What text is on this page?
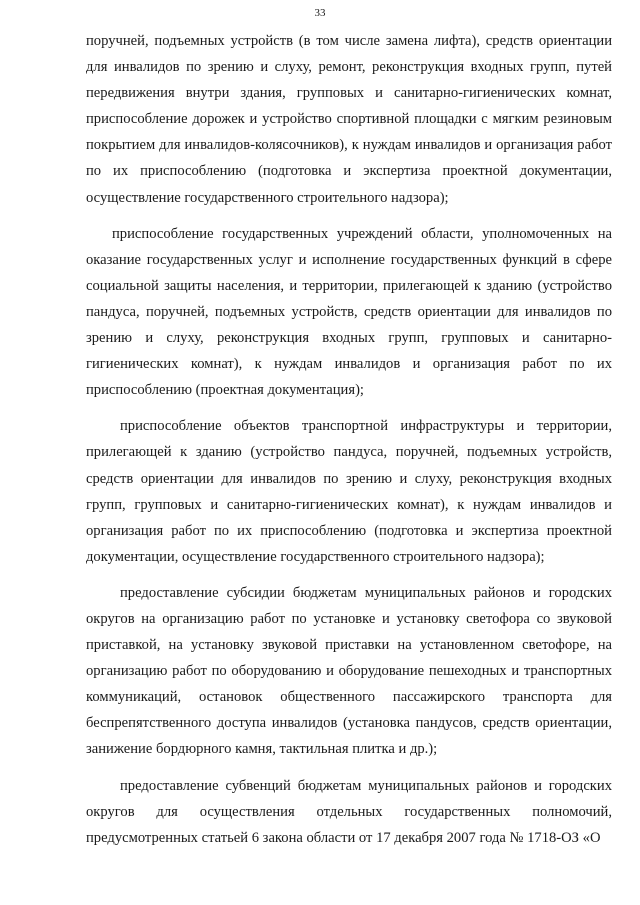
33

поручней, подъемных устройств (в том числе замена лифта), средств ориентации для инвалидов по зрению и слуху, ремонт, реконструкция входных групп, путей передвижения внутри здания, групповых и санитарно-гигиенических комнат, приспособление дорожек и устройство спортивной площадки с мягким резиновым покрытием для инвалидов-колясочников), к нуждам инвалидов и организация работ по их приспособлению (подготовка и экспертиза проектной документации, осуществление государственного строительного надзора);

приспособление государственных учреждений области, уполномоченных на оказание государственных услуг и исполнение государственных функций в сфере социальной защиты населения, и территории, прилегающей к зданию (устройство пандуса, поручней, подъемных устройств, средств ориентации для инвалидов по зрению и слуху, реконструкция входных групп, групповых и санитарно-гигиенических комнат), к нуждам инвалидов и организация работ по их приспособлению (проектная документация);

приспособление объектов транспортной инфраструктуры и территории, прилегающей к зданию (устройство пандуса, поручней, подъемных устройств, средств ориентации для инвалидов по зрению и слуху, реконструкция входных групп, групповых и санитарно-гигиенических комнат), к нуждам инвалидов и организация работ по их приспособлению (подготовка и экспертиза проектной документации, осуществление государственного строительного надзора);

предоставление субсидии бюджетам муниципальных районов и городских округов на организацию работ по установке и установку светофора со звуковой приставкой, на установку звуковой приставки на установленном светофоре, на организацию работ по оборудованию и оборудование пешеходных и транспортных коммуникаций, остановок общественного пассажирского транспорта для беспрепятственного доступа инвалидов (установка пандусов, средств ориентации, занижение бордюрного камня, тактильная плитка и др.);

предоставление субвенций бюджетам муниципальных районов и городских округов для осуществления отдельных государственных полномочий, предусмотренных статьей 6 закона области от 17 декабря 2007 года № 1718-ОЗ «О
